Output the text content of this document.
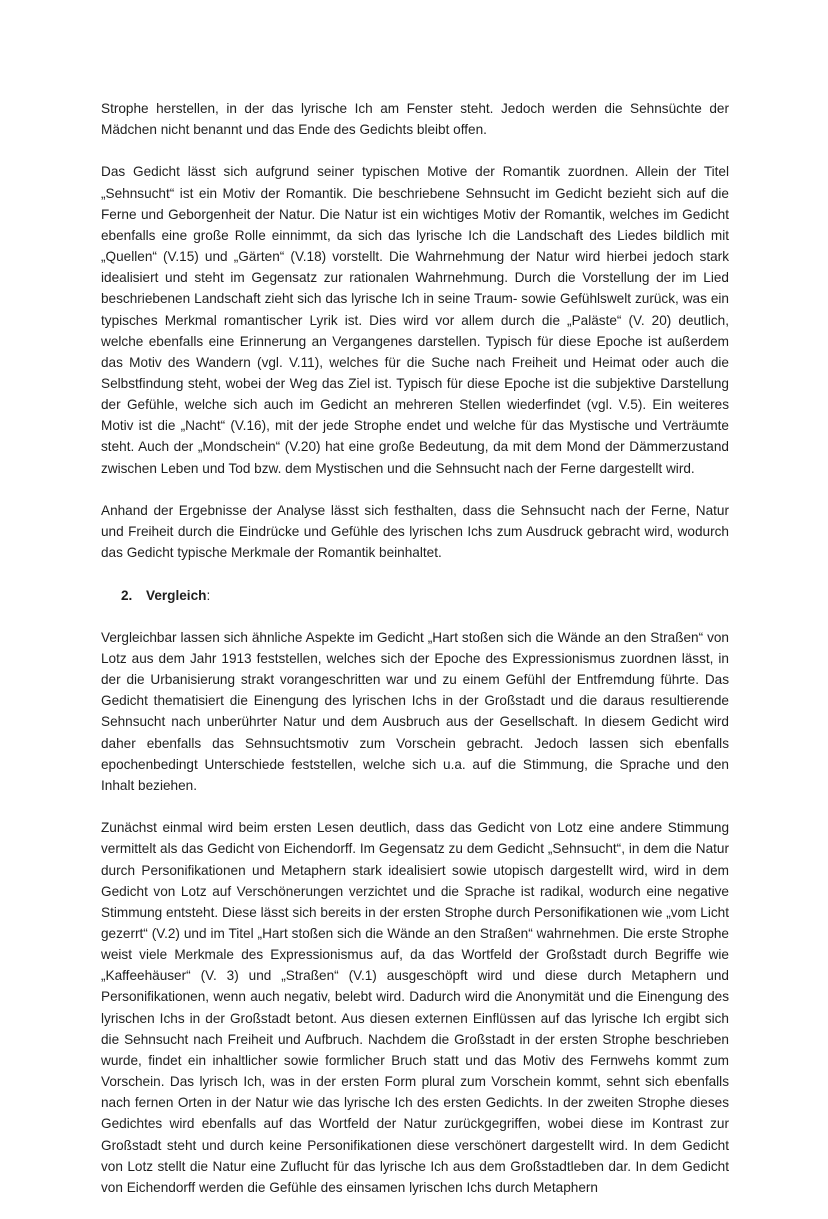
Strophe herstellen, in der das lyrische Ich am Fenster steht. Jedoch werden die Sehnsüchte der Mädchen nicht benannt und das Ende des Gedichts bleibt offen.

Das Gedicht lässt sich aufgrund seiner typischen Motive der Romantik zuordnen. Allein der Titel „Sehnsucht“ ist ein Motiv der Romantik. Die beschriebene Sehnsucht im Gedicht bezieht sich auf die Ferne und Geborgenheit der Natur. Die Natur ist ein wichtiges Motiv der Romantik, welches im Gedicht ebenfalls eine große Rolle einnimmt, da sich das lyrische Ich die Landschaft des Liedes bildlich mit „Quellen“ (V.15) und „Gärten“ (V.18) vorstellt. Die Wahrnehmung der Natur wird hierbei jedoch stark idealisiert und steht im Gegensatz zur rationalen Wahrnehmung. Durch die Vorstellung der im Lied beschriebenen Landschaft zieht sich das lyrische Ich in seine Traum- sowie Gefühlswelt zurück, was ein typisches Merkmal romantischer Lyrik ist. Dies wird vor allem durch die „Paläste“ (V. 20) deutlich, welche ebenfalls eine Erinnerung an Vergangenes darstellen. Typisch für diese Epoche ist außerdem das Motiv des Wandern (vgl. V.11), welches für die Suche nach Freiheit und Heimat oder auch die Selbstfindung steht, wobei der Weg das Ziel ist. Typisch für diese Epoche ist die subjektive Darstellung der Gefühle, welche sich auch im Gedicht an mehreren Stellen wiederfindet (vgl. V.5). Ein weiteres Motiv ist die „Nacht“ (V.16), mit der jede Strophe endet und welche für das Mystische und Verträumte steht. Auch der „Mondschein“ (V.20) hat eine große Bedeutung, da mit dem Mond der Dämmerzustand zwischen Leben und Tod bzw. dem Mystischen und die Sehnsucht nach der Ferne dargestellt wird.

Anhand der Ergebnisse der Analyse lässt sich festhalten, dass die Sehnsucht nach der Ferne, Natur und Freiheit durch die Eindrücke und Gefühle des lyrischen Ichs zum Ausdruck gebracht wird, wodurch das Gedicht typische Merkmale der Romantik beinhaltet.

2. Vergleich:

Vergleichbar lassen sich ähnliche Aspekte im Gedicht „Hart stoßen sich die Wände an den Straßen“ von Lotz aus dem Jahr 1913 feststellen, welches sich der Epoche des Expressionismus zuordnen lässt, in der die Urbanisierung strakt vorangeschritten war und zu einem Gefühl der Entfremdung führte. Das Gedicht thematisiert die Einengung des lyrischen Ichs in der Großstadt und die daraus resultierende Sehnsucht nach unberührter Natur und dem Ausbruch aus der Gesellschaft. In diesem Gedicht wird daher ebenfalls das Sehnsuchtsmotiv zum Vorschein gebracht. Jedoch lassen sich ebenfalls epochenbedingt Unterschiede feststellen, welche sich u.a. auf die Stimmung, die Sprache und den Inhalt beziehen.

Zunächst einmal wird beim ersten Lesen deutlich, dass das Gedicht von Lotz eine andere Stimmung vermittelt als das Gedicht von Eichendorff. Im Gegensatz zu dem Gedicht „Sehnsucht“, in dem die Natur durch Personifikationen und Metaphern stark idealisiert sowie utopisch dargestellt wird, wird in dem Gedicht von Lotz auf Verschönerungen verzichtet und die Sprache ist radikal, wodurch eine negative Stimmung entsteht. Diese lässt sich bereits in der ersten Strophe durch Personifikationen wie „vom Licht gezerrt“ (V.2) und im Titel „Hart stoßen sich die Wände an den Straßen“ wahrnehmen. Die erste Strophe weist viele Merkmale des Expressionismus auf, da das Wortfeld der Großstadt durch Begriffe wie „Kaffeehäuser“ (V. 3) und „Straßen“ (V.1) ausgeschöpft wird und diese durch Metaphern und Personifikationen, wenn auch negativ, belebt wird. Dadurch wird die Anonymität und die Einengung des lyrischen Ichs in der Großstadt betont. Aus diesen externen Einflüssen auf das lyrische Ich ergibt sich die Sehnsucht nach Freiheit und Aufbruch. Nachdem die Großstadt in der ersten Strophe beschrieben wurde, findet ein inhaltlicher sowie formlicher Bruch statt und das Motiv des Fernwehs kommt zum Vorschein. Das lyrisch Ich, was in der ersten Form plural zum Vorschein kommt, sehnt sich ebenfalls nach fernen Orten in der Natur wie das lyrische Ich des ersten Gedichts. In der zweiten Strophe dieses Gedichtes wird ebenfalls auf das Wortfeld der Natur zurückgegriffen, wobei diese im Kontrast zur Großstadt steht und durch keine Personifikationen diese verschönert dargestellt wird. In dem Gedicht von Lotz stellt die Natur eine Zuflucht für das lyrische Ich aus dem Großstadtleben dar. In dem Gedicht von Eichendorff werden die Gefühle des einsamen lyrischen Ichs durch Metaphern
